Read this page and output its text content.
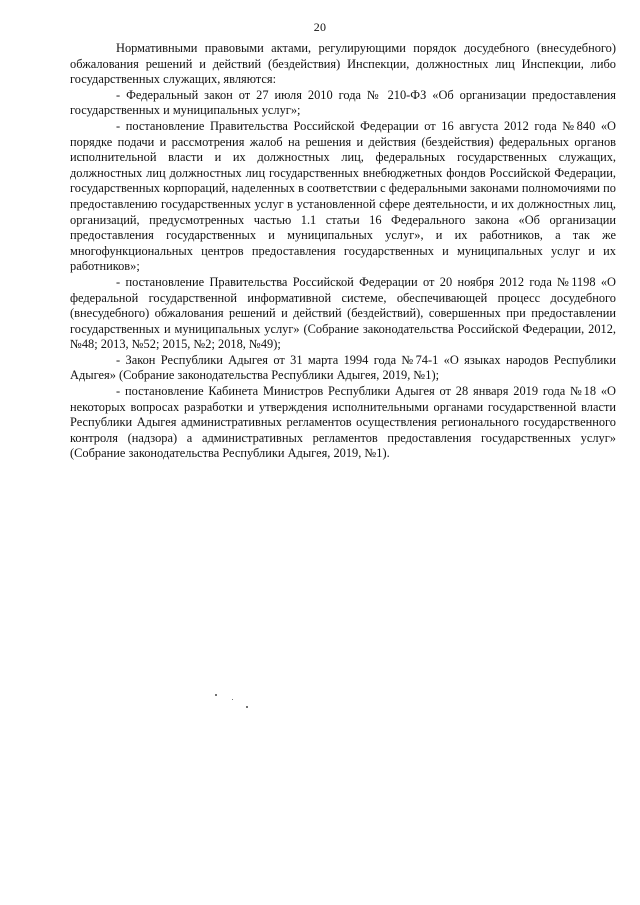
20

Нормативными правовыми актами, регулирующими порядок досудебного (внесудебного) обжалования решений и действий (бездействия) Инспекции, должностных лиц Инспекции, либо государственных служащих, являются:

- Федеральный закон от 27 июля 2010 года № 210-ФЗ «Об организации предоставления государственных и муниципальных услуг»;

- постановление Правительства Российской Федерации от 16 августа 2012 года №840 «О порядке подачи и рассмотрения жалоб на решения и действия (бездействия) федеральных органов исполнительной власти и их должностных лиц, федеральных государственных служащих, должностных лиц должностных лиц государственных внебюджетных фондов Российской Федерации, государственных корпораций, наделенных в соответствии с федеральными законами полномочиями по предоставлению государственных услуг в установленной сфере деятельности, и их должностных лиц, организаций, предусмотренных частью 1.1 статьи 16 Федерального закона «Об организации предоставления государственных и муниципальных услуг», и их работников, а так же многофункциональных центров предоставления государственных и муниципальных услуг и их работников»;

- постановление Правительства Российской Федерации от 20 ноября 2012 года №1198 «О федеральной государственной информативной системе, обеспечивающей процесс досудебного (внесудебного) обжалования решений и действий (бездействий), совершенных при предоставлении государственных и муниципальных услуг» (Собрание законодательства Российской Федерации, 2012, №48; 2013, №52; 2015, №2; 2018, №49);

- Закон Республики Адыгея от 31 марта 1994 года №74-1 «О языках народов Республики Адыгея» (Собрание законодательства Республики Адыгея, 2019, №1);

- постановление Кабинета Министров Республики Адыгея от 28 января 2019 года №18 «О некоторых вопросах разработки и утверждения исполнительными органами государственной власти Республики Адыгея административных регламентов осуществления регионального государственного контроля (надзора) а административных регламентов предоставления государственных услуг» (Собрание законодательства Республики Адыгея, 2019, №1).
